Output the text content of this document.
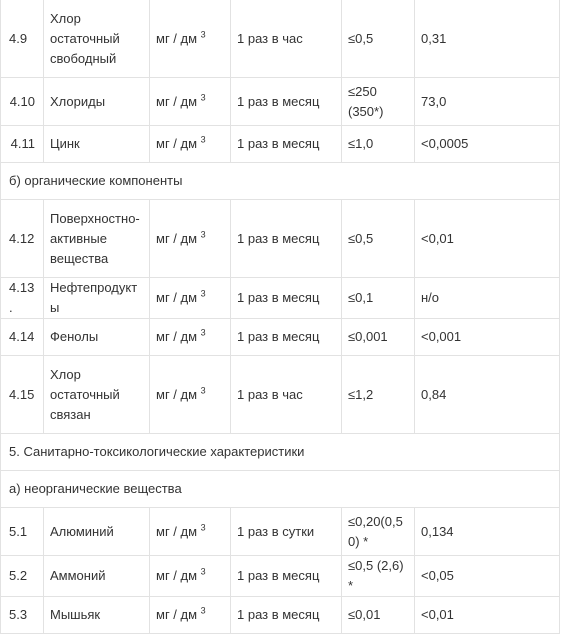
4.9	Хлор остаточный свободный	мг / дм $^3$	1 раз в час	≤0,5	0,31
4.10	Хлориды	мг / дм $^3$	1 раз в месяц	≤250 (350*)	73,0
4.11	Цинк	мг / дм $^3$	1 раз в месяц	≤1,0	<0,0005
б) органические компоненты					
4.12	Поверхностно-активные вещества	мг / дм $^3$	1 раз в месяц	≤0,5	<0,01
4.13.	Нефтепродукты	мг / дм $^3$	1 раз в месяц	≤0,1	н/о
4.14	Фенолы	мг / дм $^3$	1 раз в месяц	≤0,001	<0,001
4.15	Хлор остаточный связан	мг / дм $^3$	1 раз в час	≤1,2	0,84
5. Санитарно-токсикологические характеристики					
а) неорганические вещества					
5.1	Алюминий	мг / дм $^3$	1 раз в сутки	≤0,20(0,50) *	0,134
5.2	Аммоний	мг / дм $^3$	1 раз в месяц	≤0,5 (2,6) *	<0,05
5.3	Мышьяк	мг / дм $^3$	1 раз в месяц	≤0,01	<0,01
